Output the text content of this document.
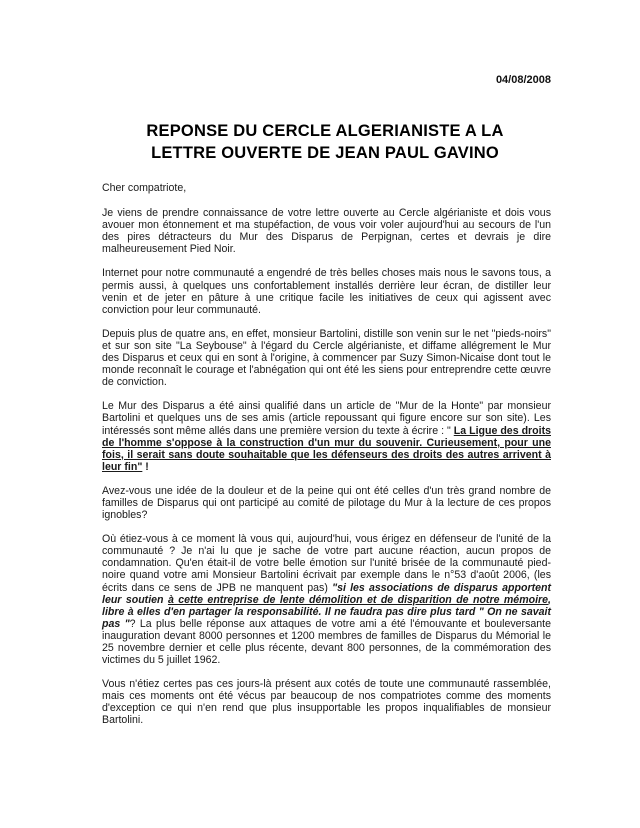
04/08/2008
REPONSE DU CERCLE ALGERIANISTE A LA
LETTRE OUVERTE DE JEAN PAUL GAVINO

Cher compatriote,

Je viens de prendre connaissance de votre lettre ouverte au Cercle algérianiste et dois vous avouer mon étonnement et ma stupéfaction, de vous voir voler aujourd'hui au secours de l'un des pires détracteurs du Mur des Disparus de Perpignan, certes et devrais je dire malheureusement Pied Noir.

Internet pour notre communauté a engendré de très belles choses mais nous le savons tous, a permis aussi, à quelques uns confortablement installés derrière leur écran, de distiller leur venin et de jeter en pâture à une critique facile les initiatives de ceux qui agissent avec conviction pour leur communauté.

Depuis plus de quatre ans, en effet, monsieur Bartolini, distille son venin sur le net "pieds-noirs" et sur son site "La Seybouse" à l'égard du Cercle algérianiste, et diffame allégrement le Mur des Disparus et ceux qui en sont à l'origine, à commencer par Suzy Simon-Nicaise dont tout le monde reconnaît le courage et l'abnégation qui ont été les siens pour entreprendre cette œuvre de conviction.

Le Mur des Disparus a été ainsi qualifié dans un article de "Mur de la Honte" par monsieur Bartolini et quelques uns de ses amis (article repoussant qui figure encore sur son site). Les intéressés sont même allés dans une première version du texte à écrire : " La Ligue des droits de l'homme s'oppose à la construction d'un mur du souvenir. Curieusement, pour une fois, il serait sans doute souhaitable que les défenseurs des droits des autres arrivent à leur fin" !

Avez-vous une idée de la douleur et de la peine qui ont été celles d'un très grand nombre de familles de Disparus qui ont participé au comité de pilotage du Mur à la lecture de ces propos ignobles?

Où étiez-vous à ce moment là vous qui, aujourd'hui, vous érigez en défenseur de l'unité de la communauté ? Je n'ai lu que je sache de votre part aucune réaction, aucun propos de condamnation. Qu'en était-il de votre belle émotion sur l'unité brisée de la communauté pied-noire quand votre ami Monsieur Bartolini écrivait par exemple dans le n°53 d'août 2006, (les écrits dans ce sens de JPB ne manquent pas) "si les associations de disparus apportent leur soutien à cette entreprise de lente démolition et de disparition de notre mémoire, libre à elles d'en partager la responsabilité. Il ne faudra pas dire plus tard " On ne savait pas "? La plus belle réponse aux attaques de votre ami a été l'émouvante et bouleversante inauguration devant 8000 personnes et 1200 membres de familles de Disparus du Mémorial le 25 novembre dernier et celle plus récente, devant 800 personnes, de la commémoration des victimes du 5 juillet 1962.

Vous n'étiez certes pas ces jours-là présent aux cotés de toute une communauté rassemblée, mais ces moments ont été vécus par beaucoup de nos compatriotes comme des moments d'exception ce qui n'en rend que plus insupportable les propos inqualifiables de monsieur Bartolini.
